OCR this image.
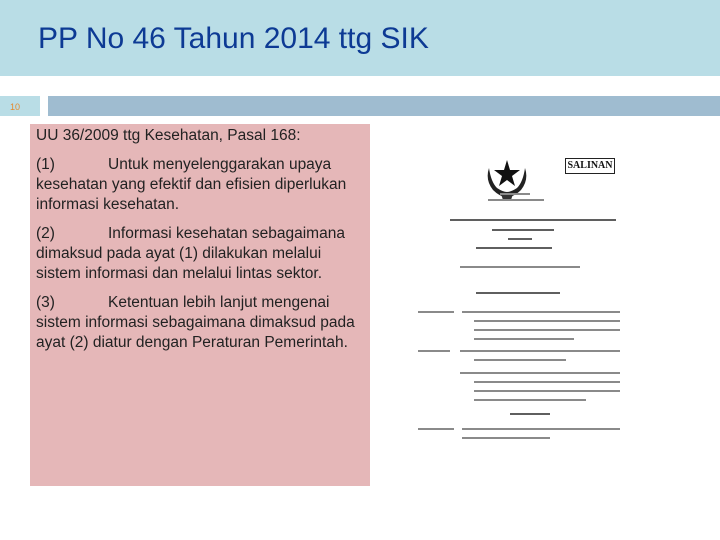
PP No 46 Tahun 2014 ttg SIK
10

UU 36/2009 ttg Kesehatan, Pasal 168:

(1)	Untuk menyelenggarakan upaya kesehatan yang efektif dan efisien diperlukan informasi kesehatan.

(2)	Informasi kesehatan sebagaimana dimaksud pada ayat (1) dilakukan melalui sistem informasi dan melalui lintas sektor.

(3)	Ketentuan lebih lanjut mengenai sistem informasi sebagaimana dimaksud pada ayat (2) diatur dengan Peraturan Pemerintah.

SALINAN
